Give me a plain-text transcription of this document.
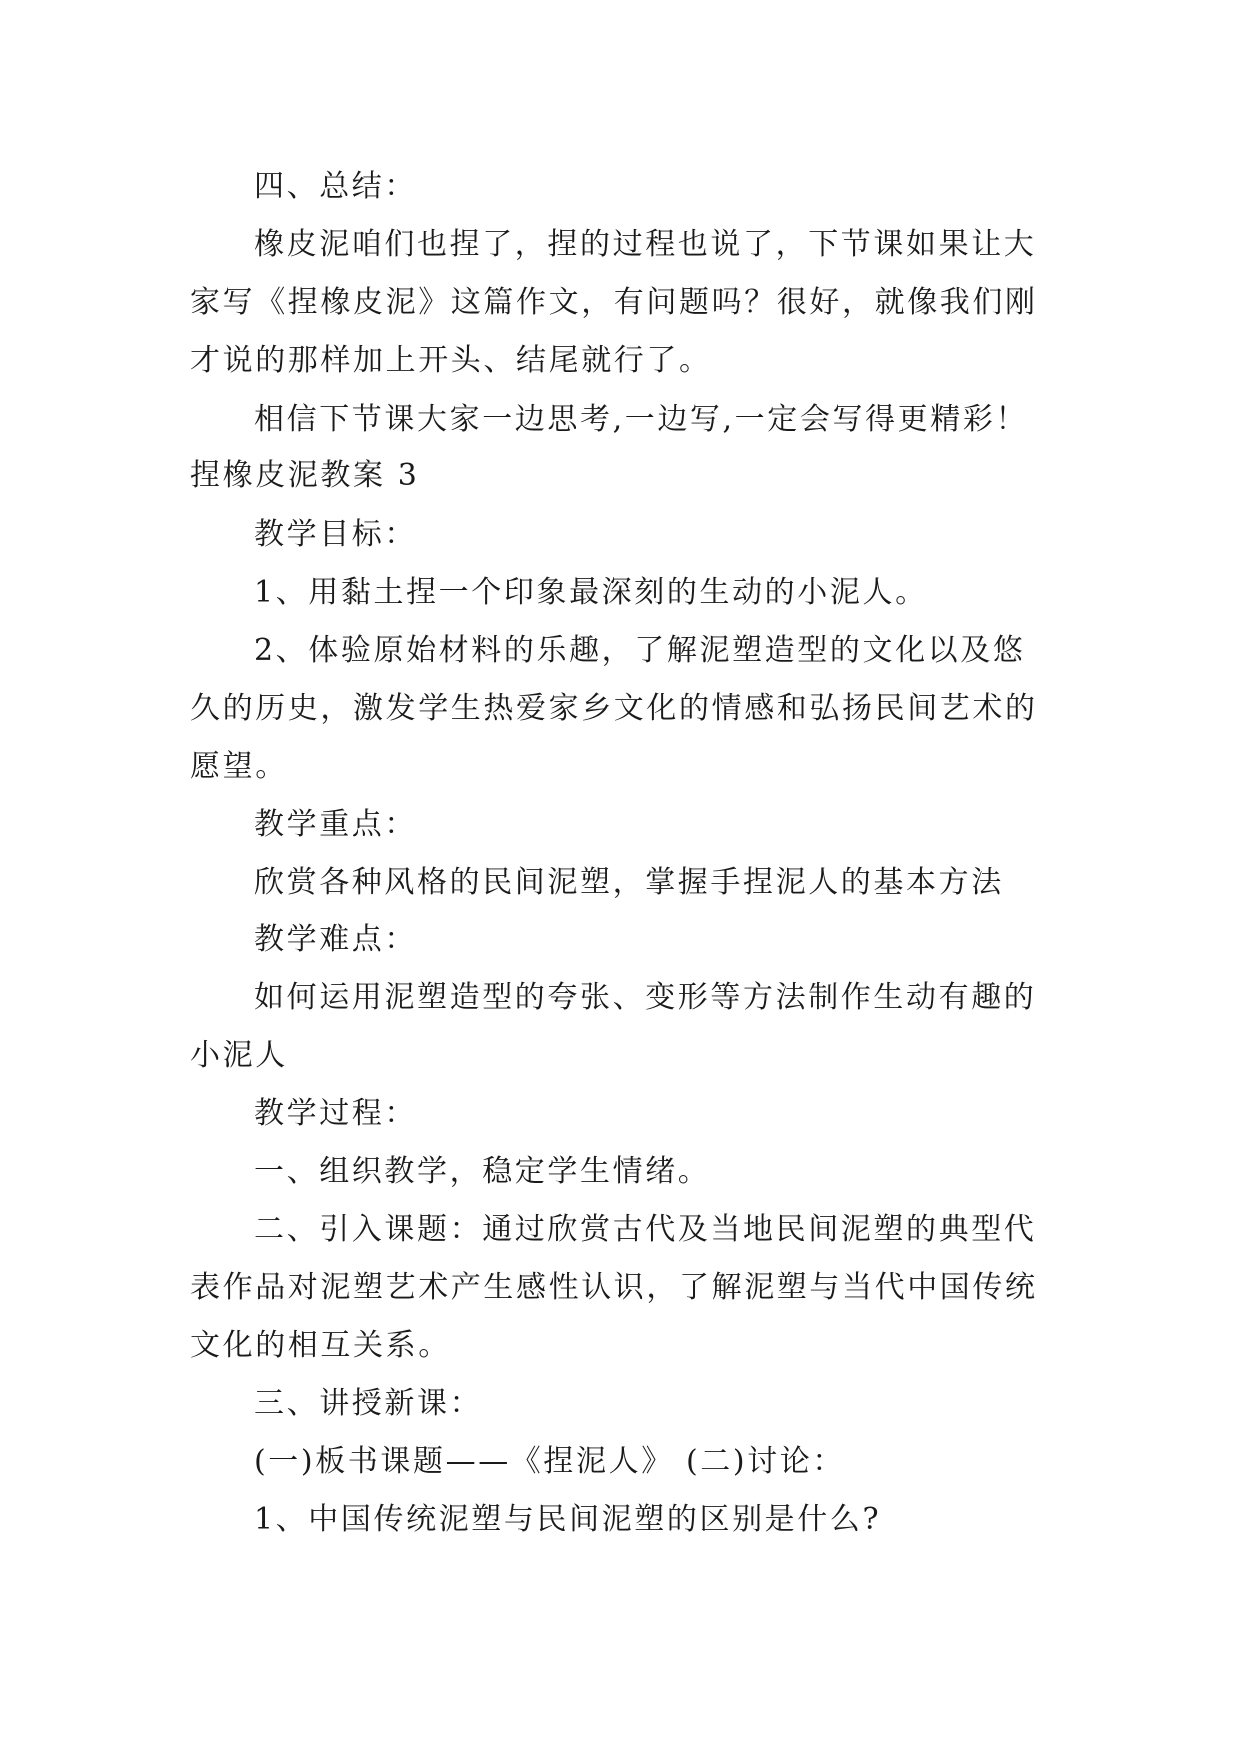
四、总结：

橡皮泥咱们也捏了，捏的过程也说了，下节课如果让大

家写《捏橡皮泥》这篇作文，有问题吗？很好，就像我们刚

才说的那样加上开头、结尾就行了。

相信下节课大家一边思考,一边写,一定会写得更精彩！

捏橡皮泥教案 3

教学目标：

1、用黏土捏一个印象最深刻的生动的小泥人。

2、体验原始材料的乐趣，了解泥塑造型的文化以及悠

久的历史，激发学生热爱家乡文化的情感和弘扬民间艺术的

愿望。

教学重点：

欣赏各种风格的民间泥塑，掌握手捏泥人的基本方法

教学难点：

如何运用泥塑造型的夸张、变形等方法制作生动有趣的

小泥人

教学过程：

一、组织教学，稳定学生情绪。

二、引入课题：通过欣赏古代及当地民间泥塑的典型代

表作品对泥塑艺术产生感性认识，了解泥塑与当代中国传统

文化的相互关系。

三、讲授新课：

(一)板书课题——《捏泥人》 (二)讨论：

1、中国传统泥塑与民间泥塑的区别是什么?
